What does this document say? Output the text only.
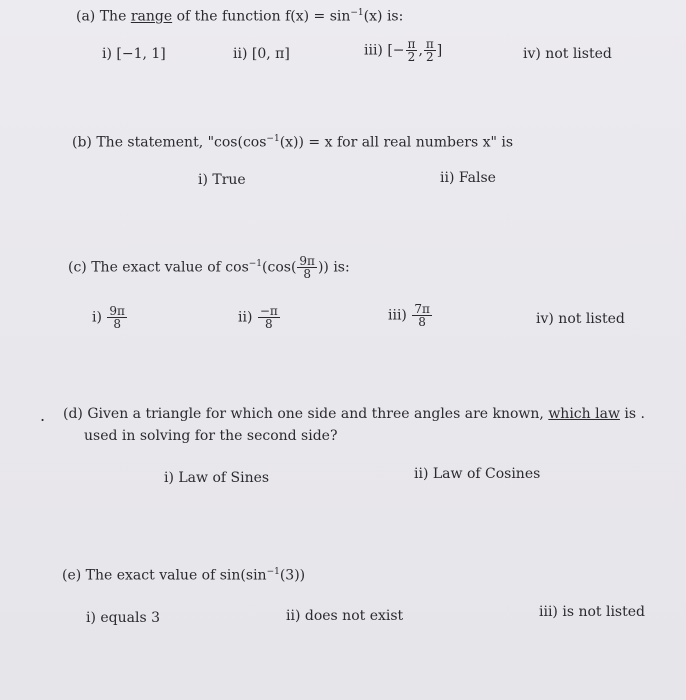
(a) The range of the function $f(x) = \sin^{-1}(x)$ is:
i) [−1, 1]	ii) [0, π]	iii) [− $\frac{\pi}{2}$ , $\frac{\pi}{2}$ ]	iv) not listed
(b) The statement, "$\cos(\cos^{-1}(x)) = x$ for all real numbers x" is
i) True	ii) False
(c) The exact value of $\cos^{-1}(\cos( \frac{9\pi}{8}$ )) is:
$i) \frac{9\pi}{8}$	$ii) \frac{-\pi}{8}$	$iii) \frac{7\pi}{8}$	iv) not listed
. (d) Given a triangle for which one side and three angles are known, which law is .
used in solving for the second side?
i) Law of Sines	ii) Law of Cosines
(e) The exact value of $\sin(\sin^{-1}(3))$
i) equals 3	ii) does not exist	iii) is not listed
